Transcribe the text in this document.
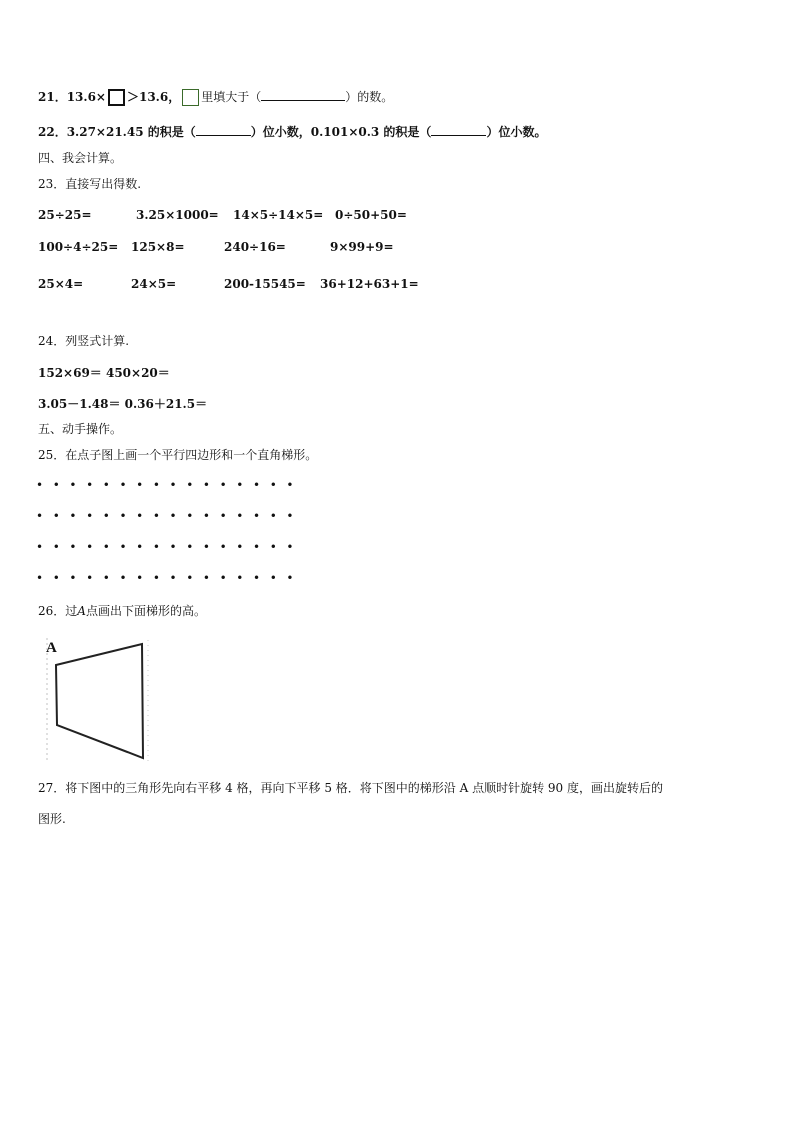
21．13.6× ＞13.6， 里填大于（	）的数。
22．3.27×21.45 的积是（	）位小数，0.101×0.3 的积是（	）位小数。
四、我会计算。
23．直接写出得数.
25÷25=	3.25×1000= 14×5÷14×5= 0÷50+50=
100÷4÷25= 125×8=	240÷16=	9×99+9=
25×4=	24×5=	200-15545= 36+12+63+1=
24．列竖式计算.
152×69＝ 450×20＝
3.05－1.48＝ 0.36＋21.5＝
五、动手操作。
25．在点子图上画一个平行四边形和一个直角梯形。
• • • • • • • • • • • • • • • •
• • • • • • • • • • • • • • • •
• • • • • • • • • • • • • • • •
• • • • • • • • • • • • • • • •
26．过A点画出下面梯形的高。
A
27．将下图中的三角形先向右平移 4 格，再向下平移 5 格．将下图中的梯形沿 A 点顺时针旋转 90 度，画出旋转后的
图形.
